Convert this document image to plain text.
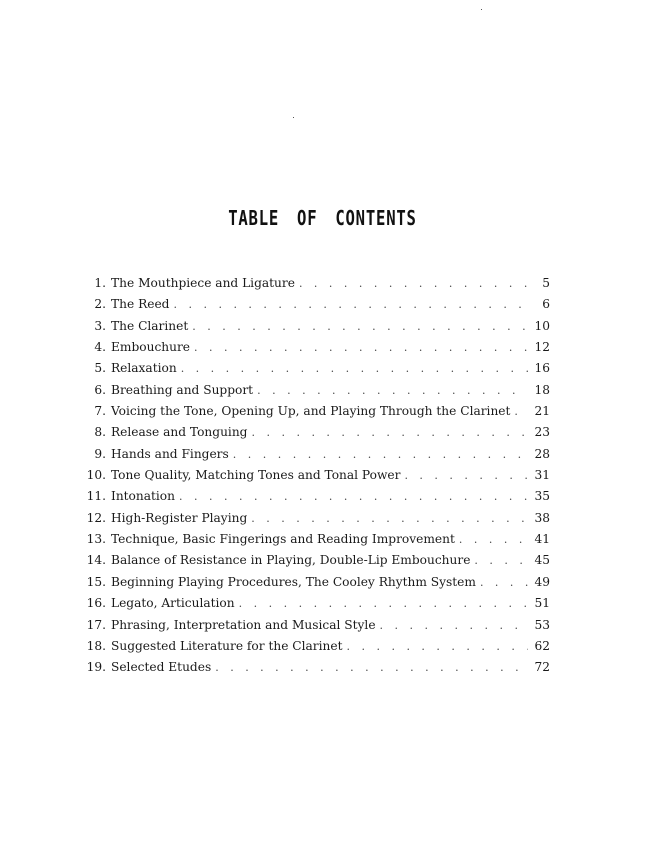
TABLE OF CONTENTS
1. The Mouthpiece and Ligature . . .	5
2. The Reed . . .	6
3. The Clarinet . . .	10
4. Embouchure . . .	12
5. Relaxation . . .	16
6. Breathing and Support . . .	18
7. Voicing the Tone, Opening Up, and Playing Through the Clarinet . . .	21
8. Release and Tonguing . . .	23
9. Hands and Fingers . . .	28
10. Tone Quality, Matching Tones and Tonal Power . . .	31
11. Intonation . . .	35
12. High-Register Playing . . .	38
13. Technique, Basic Fingerings and Reading Improvement . . .	41
14. Balance of Resistance in Playing, Double-Lip Embouchure . . .	45
15. Beginning Playing Procedures, The Cooley Rhythm System . . .	49
16. Legato, Articulation . . .	51
17. Phrasing, Interpretation and Musical Style . . .	53
18. Suggested Literature for the Clarinet . . .	62
19. Selected Etudes . . .	72
